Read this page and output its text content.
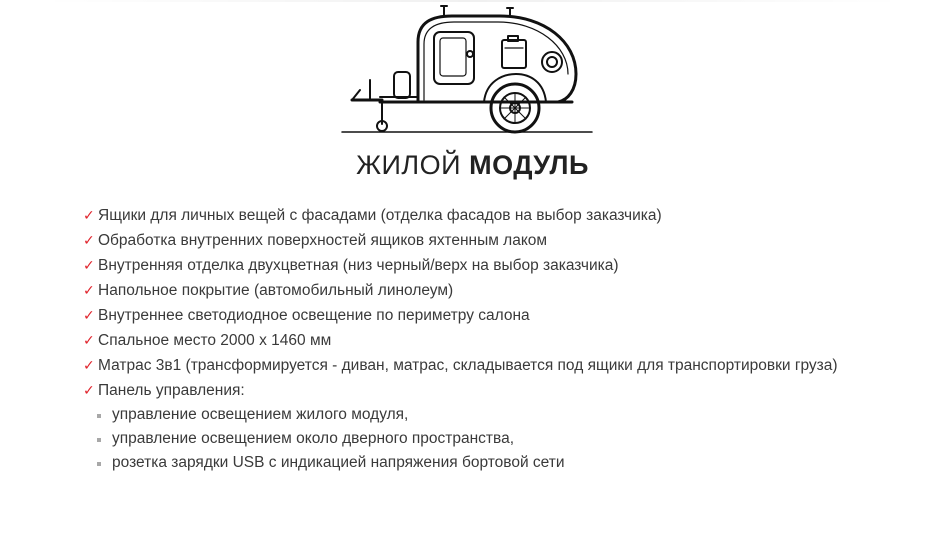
ЖИЛОЙ МОДУЛЬ
✓ Ящики для личных вещей с фасадами (отделка фасадов на выбор заказчика)
✓ Обработка внутренних поверхностей ящиков яхтенным лаком
✓ Внутренняя отделка двухцветная (низ черный/верх на выбор заказчика)
✓ Напольное покрытие (автомобильный линолеум)
✓ Внутреннее светодиодное освещение по периметру салона
✓ Спальное место 2000 х 1460 мм
✓ Матрас 3в1 (трансформируется - диван, матрас, складывается под ящики для транспортировки груза)
✓ Панель управления:
управление освещением жилого модуля,
управление освещением около дверного пространства,
розетка зарядки USB с индикацией напряжения бортовой сети
